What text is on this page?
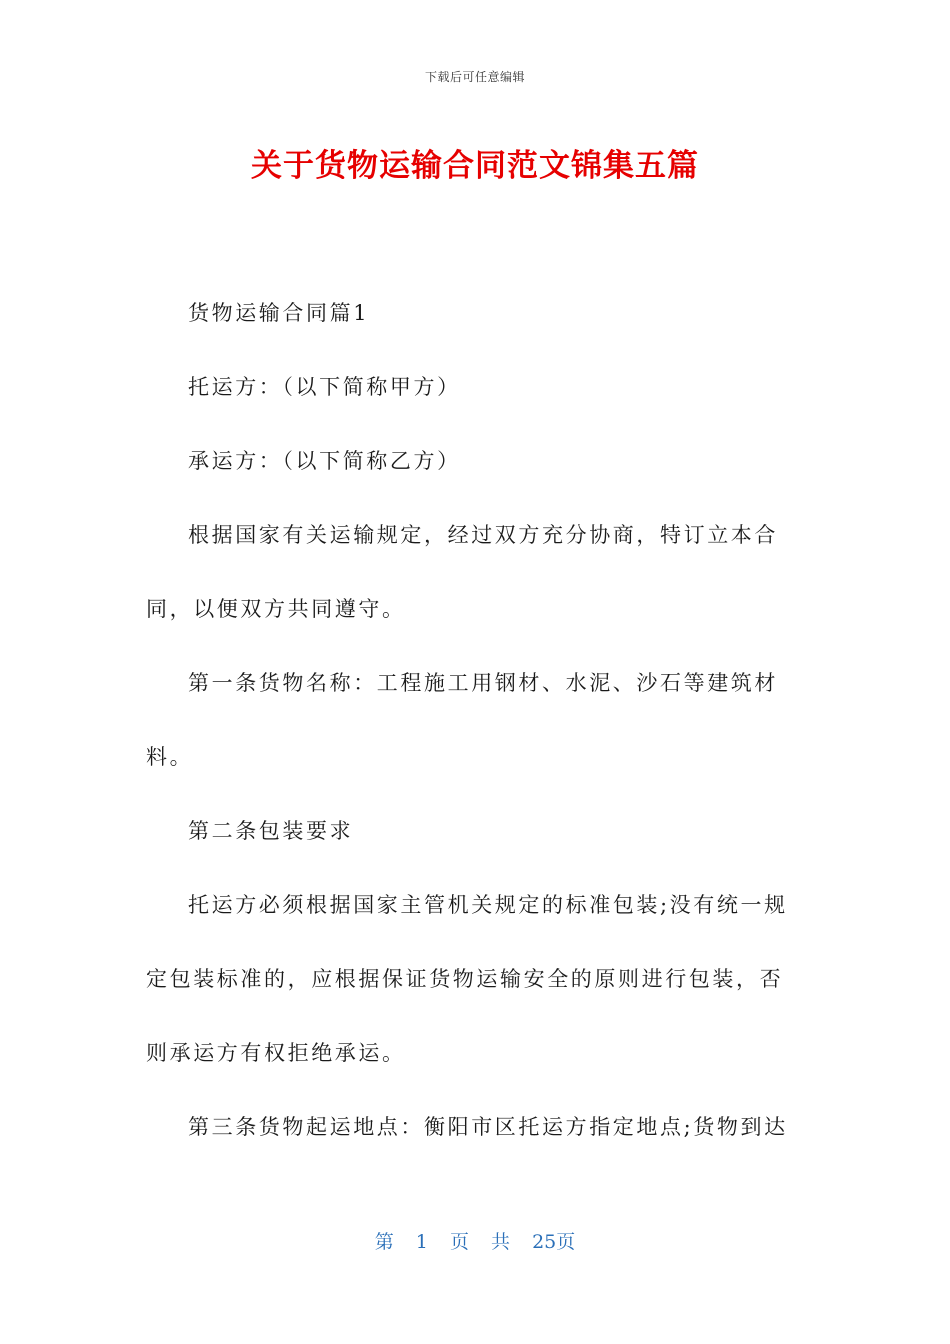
下载后可任意编辑
关于货物运输合同范文锦集五篇

货物运输合同篇1

托运方：（以下简称甲方）

承运方：（以下简称乙方）

根据国家有关运输规定，经过双方充分协商，特订立本合同，以便双方共同遵守。

第一条货物名称：工程施工用钢材、水泥、沙石等建筑材料。

第二条包装要求

托运方必须根据国家主管机关规定的标准包装;没有统一规定包装标准的，应根据保证货物运输安全的原则进行包装，否则承运方有权拒绝承运。

第三条货物起运地点：衡阳市区托运方指定地点;货物到达

第 1 页 共 25页
